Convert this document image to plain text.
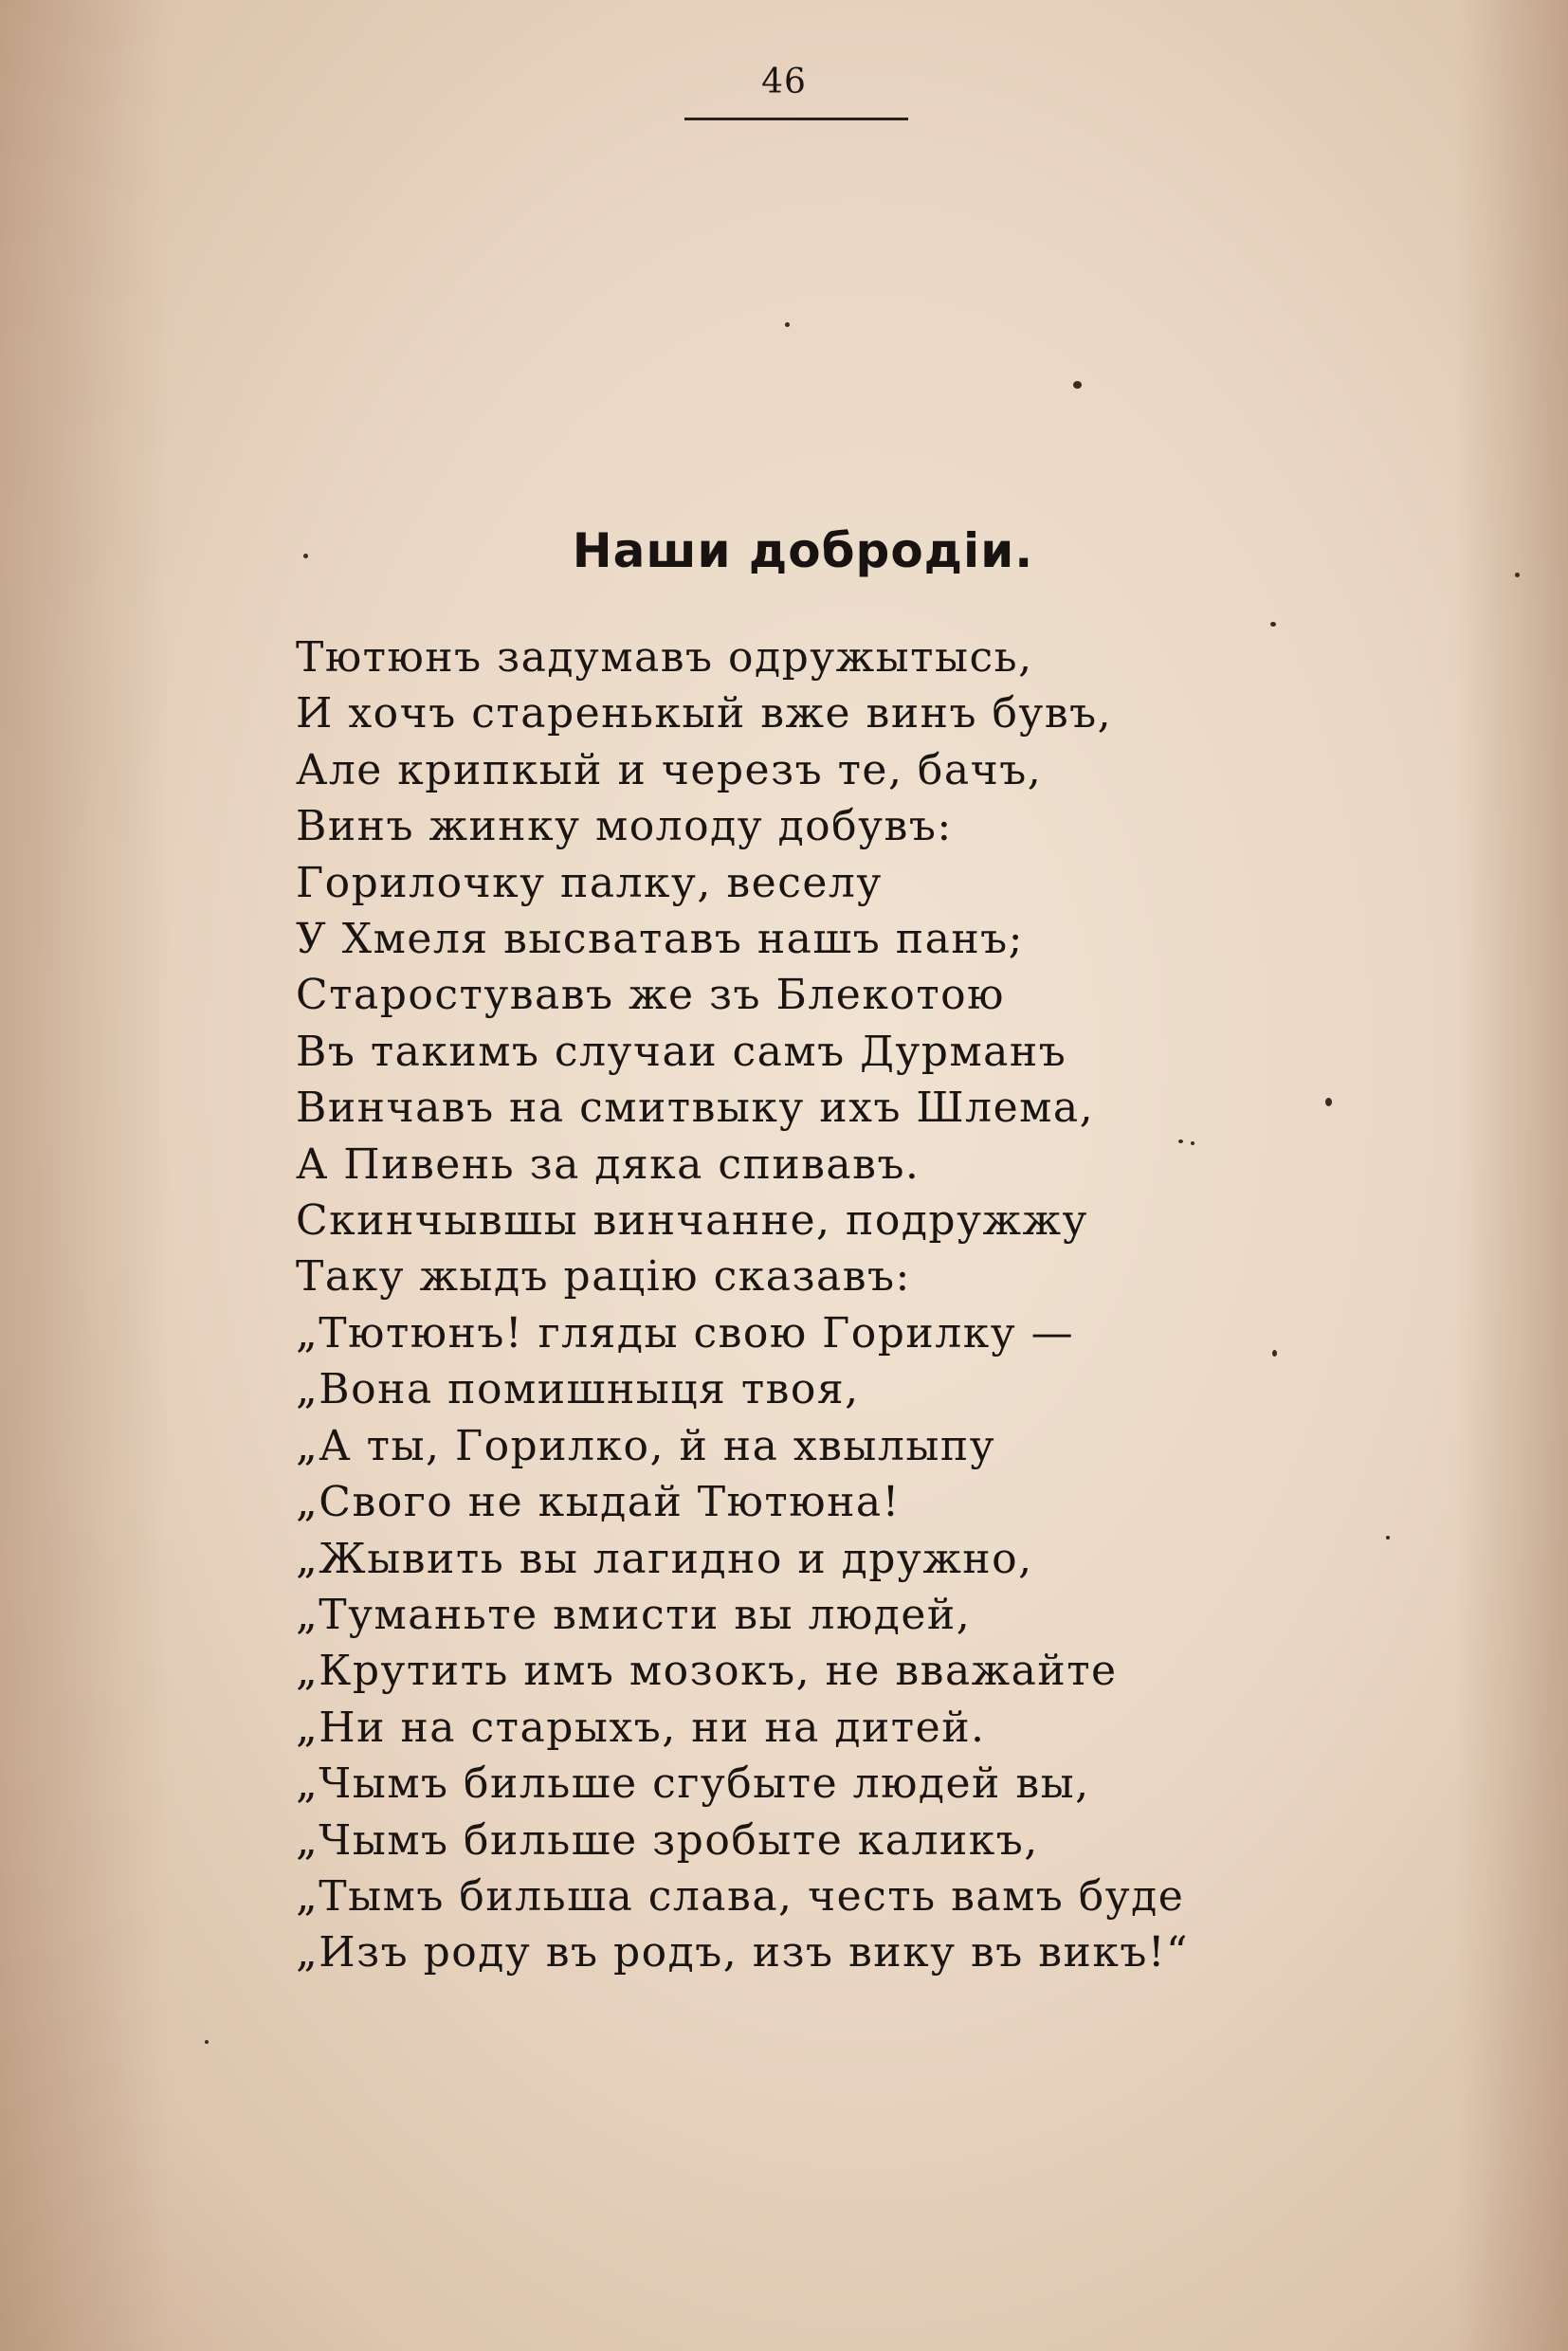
46
Наши добродіи.
Тютюнъ задумавъ одружытысь,
И хочъ старенькый вже винъ бувъ,
Але крипкый и черезъ те, бачъ,
Винъ жинку молоду добувъ:
Горилочку палку, веселу
У Хмеля высватавъ нашъ панъ;
Старостувавъ же зъ Блекотою
Въ такимъ случаи самъ Дурманъ
Винчавъ на смитвыку ихъ Шлема,
А Пивень за дяка спивавъ.
Скинчывшы винчанне, подружжу
Таку жыдъ рацію сказавъ:
„Тютюнъ! гляды свою Горилку —
„Вона помишныця твоя,
„А ты, Горилко, й на хвылыпу
„Свого не кыдай Тютюна!
„Жывить вы лагидно и дружно,
„Туманьте вмисти вы людей,
„Крутить имъ мозокъ, не вважайте
„Ни на старыхъ, ни на дитей.
„Чымъ бильше сгубыте людей вы,
„Чымъ бильше зробыте каликъ,
„Тымъ бильша слава, честь вамъ буде
„Изъ роду въ родъ, изъ вику въ викъ!“
